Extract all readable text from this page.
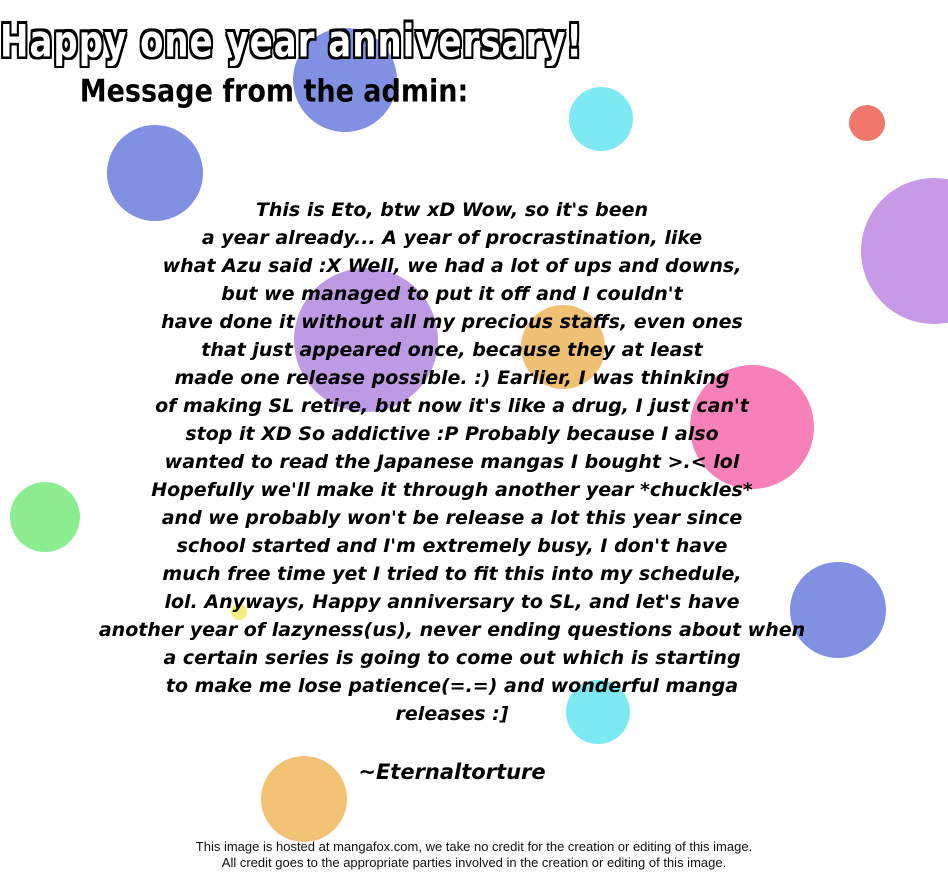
Happy one year anniversary!
Message from the admin:
This is Eto, btw xD Wow, so it's been
a year already... A year of procrastination, like
what Azu said :X Well, we had a lot of ups and downs,
but we managed to put it off and I couldn't
have done it without all my precious staffs, even ones
that just appeared once, because they at least
made one release possible. :) Earlier, I was thinking
of making SL retire, but now it's like a drug, I just can't
stop it XD So addictive :P Probably because I also
wanted to read the Japanese mangas I bought >.< lol
Hopefully we'll make it through another year *chuckles*
and we probably won't be release a lot this year since
school started and I'm extremely busy, I don't have
much free time yet I tried to fit this into my schedule,
lol. Anyways, Happy anniversary to SL, and let's have
another year of lazyness(us), never ending questions about when
a certain series is going to come out which is starting
to make me lose patience(=.=) and wonderful manga
releases :]
~Eternaltorture
This image is hosted at mangafox.com, we take no credit for the creation or editing of this image.
All credit goes to the appropriate parties involved in the creation or editing of this image.
